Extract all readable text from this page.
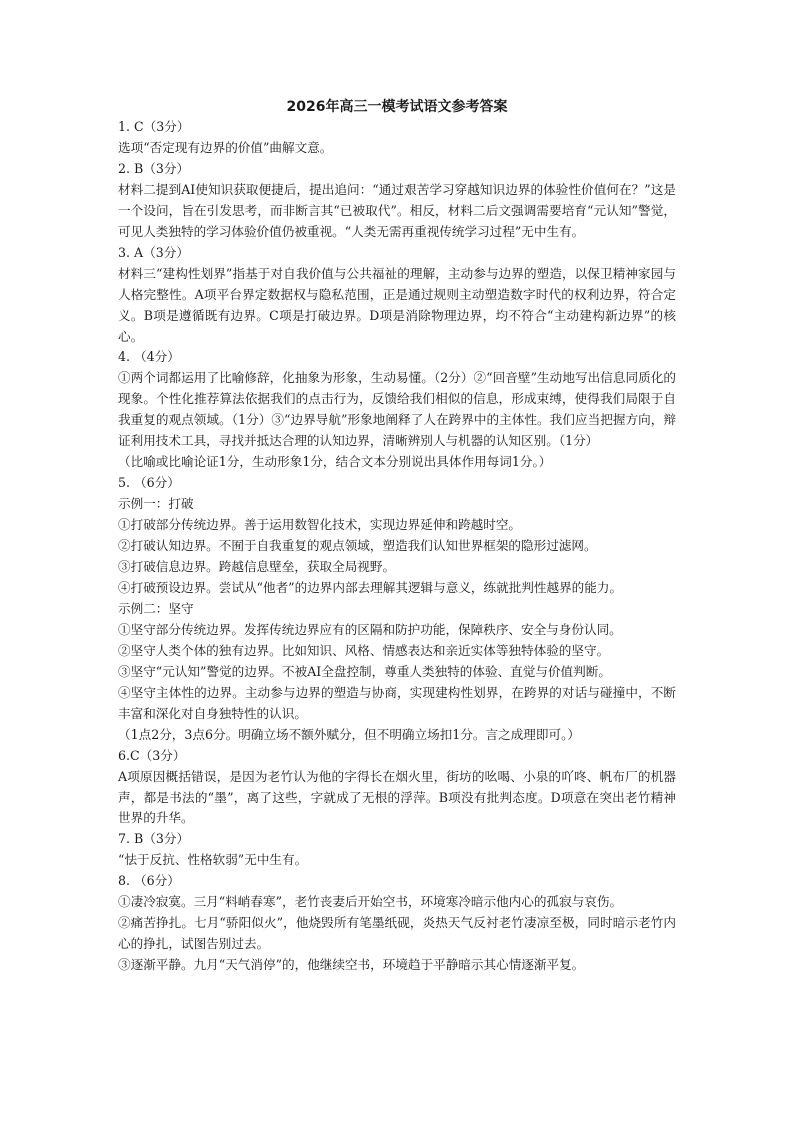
2026年高三一模考试语文参考答案
1. C（3分）
选项“否定现有边界的价值”曲解文意。
2. B（3分）
材料二提到AI使知识获取便捷后，提出追问：“通过艰苦学习穿越知识边界的体验性价值何在？”这是一个设问，旨在引发思考，而非断言其“已被取代”。相反，材料二后文强调需要培育“元认知”警觉，可见人类独特的学习体验价值仍被重视。“人类无需再重视传统学习过程”无中生有。
3. A（3分）
材料三“建构性划界”指基于对自我价值与公共福祉的理解，主动参与边界的塑造，以保卫精神家园与人格完整性。A项平台界定数据权与隐私范围，正是通过规则主动塑造数字时代的权利边界，符合定义。B项是遵循既有边界。C项是打破边界。D项是消除物理边界，均不符合“主动建构新边界”的核心。
4. （4分）
①两个词都运用了比喻修辞，化抽象为形象，生动易懂。（2分）②“回音壁”生动地写出信息同质化的现象。个性化推荐算法依据我们的点击行为，反馈给我们相似的信息，形成束缚，使得我们局限于自我重复的观点领域。（1分）③“边界导航”形象地阐释了人在跨界中的主体性。我们应当把握方向，辩证利用技术工具，寻找并抵达合理的认知边界，清晰辨别人与机器的认知区别。（1分）
（比喻或比喻论证1分，生动形象1分，结合文本分别说出具体作用每词1分。）
5. （6分）
示例一：打破
①打破部分传统边界。善于运用数智化技术，实现边界延伸和跨越时空。
②打破认知边界。不囿于自我重复的观点领域，塑造我们认知世界框架的隐形过滤网。
③打破信息边界。跨越信息壁垒，获取全局视野。
④打破预设边界。尝试从“他者”的边界内部去理解其逻辑与意义，练就批判性越界的能力。
示例二：坚守
①坚守部分传统边界。发挥传统边界应有的区隔和防护功能，保障秩序、安全与身份认同。
②坚守人类个体的独有边界。比如知识、风格、情感表达和亲近实体等独特体验的坚守。
③坚守“元认知”警觉的边界。不被AI全盘控制，尊重人类独特的体验、直觉与价值判断。
④坚守主体性的边界。主动参与边界的塑造与协商，实现建构性划界，在跨界的对话与碰撞中，不断丰富和深化对自身独特性的认识。
（1点2分，3点6分。明确立场不额外赋分，但不明确立场扣1分。言之成理即可。）
6.C（3分）
A项原因概括错误，是因为老竹认为他的字得长在烟火里，街坊的吆喝、小泉的吖咚、帆布厂的机器声，都是书法的“墨”，离了这些，字就成了无根的浮萍。B项没有批判态度。D项意在突出老竹精神世界的升华。
7. B（3分）
“怯于反抗、性格软弱”无中生有。
8. （6分）
①凄冷寂寞。三月“料峭春寒”，老竹丧妻后开始空书，环境寒冷暗示他内心的孤寂与哀伤。
②痛苦挣扎。七月“骄阳似火”，他烧毁所有笔墨纸砚，炎热天气反衬老竹凄凉至极，同时暗示老竹内心的挣扎，试图告别过去。
③逐渐平静。九月“天气消停”的，他继续空书，环境趋于平静暗示其心情逐渐平复。
